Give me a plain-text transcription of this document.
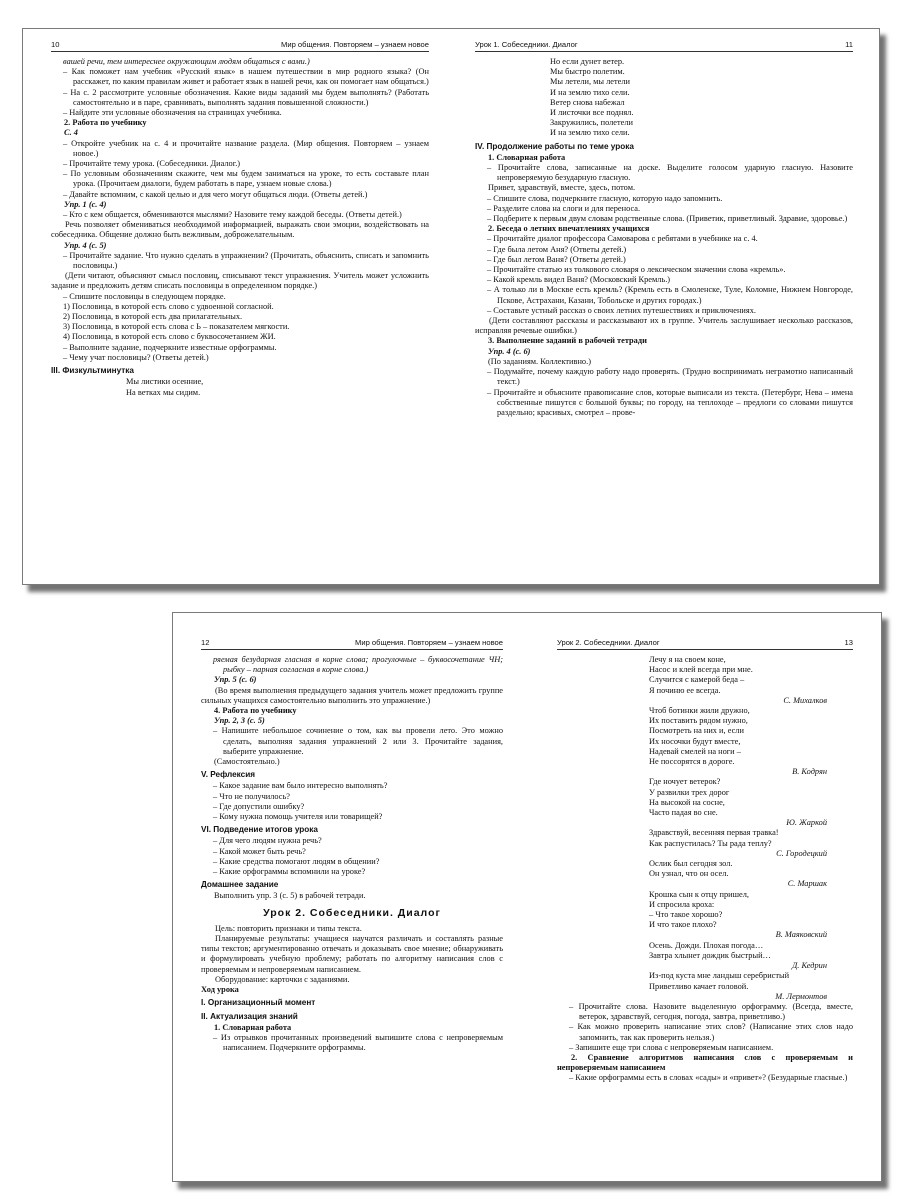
10	Мир общения. Повторяем – узнаем новое

вашей речи, тем интереснее окружающим людям общаться с вами.)

– Как поможет нам учебник «Русский язык» в нашем путешествии в мир родного языка? (Он расскажет, по каким правилам живет и работает язык в нашей речи, как он помогает нам общаться.)

– На с. 2 рассмотрите условные обозначения. Какие виды заданий мы будем выполнять? (Работать самостоятельно и в паре, сравнивать, выполнять задания повышенной сложности.)

– Найдите эти условные обозначения на страницах учебника.

2. Работа по учебнику

С. 4

– Откройте учебник на с. 4 и прочитайте название раздела. (Мир общения. Повторяем – узнаем новое.)

– Прочитайте тему урока. (Собеседники. Диалог.)

– По условным обозначениям скажите, чем мы будем заниматься на уроке, то есть составьте план урока. (Прочитаем диалоги, будем работать в паре, узнаем новые слова.)

– Давайте вспомним, с какой целью и для чего могут общаться люди. (Ответы детей.)

Упр. 1 (с. 4)

– Кто с кем общается, обмениваются мыслями? Назовите тему каждой беседы. (Ответы детей.)

Речь позволяет обмениваться необходимой информацией, выражать свои эмоции, воздействовать на собеседника. Общение должно быть вежливым, доброжелательным.

Упр. 4 (с. 5)

– Прочитайте задание. Что нужно сделать в упражнении? (Прочитать, объяснить, списать и запомнить пословицы.)

(Дети читают, объясняют смысл пословиц, списывают текст упражнения. Учитель может усложнить задание и предложить детям списать пословицы в определенном порядке.)

– Спишите пословицы в следующем порядке.

1) Пословица, в которой есть слово с удвоенной согласной.

2) Пословица, в которой есть два прилагательных.

3) Пословица, в которой есть слова с Ь – показателем мягкости.

4) Пословица, в которой есть слово с буквосочетанием ЖИ.

– Выполните задание, подчеркните известные орфограммы.

– Чему учат пословицы? (Ответы детей.)

III. Физкультминутка

Мы листики осенние,

На ветках мы сидим.

Урок 1. Собеседники. Диалог	11

Но если дунет ветер.

Мы быстро полетим.

Мы летели, мы летели

И на землю тихо сели.

Ветер снова набежал

И листочки все поднял.

Закружились, полетели

И на землю тихо сели.

IV. Продолжение работы по теме урока

1. Словарная работа

– Прочитайте слова, записанные на доске. Выделите голосом ударную гласную. Назовите непроверяемую безударную гласную.

Привет, здравствуй, вместе, здесь, потом.

– Спишите слова, подчеркните гласную, которую надо запомнить.

– Разделите слова на слоги и для переноса.

– Подберите к первым двум словам родственные слова. (Приветик, приветливый. Здравие, здоровье.)

2. Беседа о летних впечатлениях учащихся

– Прочитайте диалог профессора Самоварова с ребятами в учебнике на с. 4.

– Где была летом Аня? (Ответы детей.)

– Где был летом Ваня? (Ответы детей.)

– Прочитайте статью из толкового словаря о лексическом значении слова «кремль».

– Какой кремль видел Ваня? (Московский Кремль.)

– А только ли в Москве есть кремль? (Кремль есть в Смоленске, Туле, Коломне, Нижнем Новгороде, Пскове, Астрахани, Казани, Тобольске и других городах.)

– Составьте устный рассказ о своих летних путешествиях и приключениях.

(Дети составляют рассказы и рассказывают их в группе. Учитель заслушивает несколько рассказов, исправляя речевые ошибки.)

3. Выполнение заданий в рабочей тетради

Упр. 4 (с. 6)

(По заданиям. Коллективно.)

– Подумайте, почему каждую работу надо проверять. (Трудно воспринимать неграмотно написанный текст.)

– Прочитайте и объясните правописание слов, которые выписали из текста. (Петербург, Нева – имена собственные пишутся с большой буквы; по городу, на теплоходе – предлоги со словами пишутся раздельно; красивых, смотрел – прове-

12	Мир общения. Повторяем – узнаем новое

ряемая безударная гласная в корне слова; прогулочные – буквосочетание ЧН; рыбку – парная согласная в корне слова.)

Упр. 5 (с. 6)

(Во время выполнения предыдущего задания учитель может предложить группе сильных учащихся самостоятельно выполнить это упражнение.)

4. Работа по учебнику

Упр. 2, 3 (с. 5)

– Напишите небольшое сочинение о том, как вы провели лето. Это можно сделать, выполняя задания упражнений 2 или 3. Прочитайте задания, выберите упражнение.

(Самостоятельно.)

V. Рефлексия

– Какое задание вам было интересно выполнять?

– Что не получилось?

– Где допустили ошибку?

– Кому нужна помощь учителя или товарищей?

VI. Подведение итогов урока

– Для чего людям нужна речь?

– Какой может быть речь?

– Какие средства помогают людям в общении?

– Какие орфограммы вспомнили на уроке?

Домашнее задание

Выполнить упр. 3 (с. 5) в рабочей тетради.

Урок 2. Собеседники. Диалог

Цель: повторить признаки и типы текста.

Планируемые результаты: учащиеся научатся различать и составлять разные типы текстов; аргументированно отвечать и доказывать свое мнение; обнаруживать и формулировать учебную проблему; работать по алгоритму написания слов с проверяемым и непроверяемым написанием.

Оборудование: карточки с заданиями.

Ход урока

I. Организационный момент

II. Актуализация знаний

1. Словарная работа

– Из отрывков прочитанных произведений выпишите слова с непроверяемым написанием. Подчеркните орфограммы.

Урок 2. Собеседники. Диалог	13

Лечу я на своем коне,

Насос и клей всегда при мне.

Случится с камерой беда –

Я починю ее всегда.

С. Михалков

Чтоб ботинки жили дружно,

Их поставить рядом нужно,

Посмотреть на них и, если

Их носочки будут вместе,

Надевай смелей на ноги –

Не поссорятся в дороге.

В. Кодрян

Где ночует ветерок?

У развилки трех дорог

На высокой на сосне,

Часто падая во сне.

Ю. Жаркой

Здравствуй, весенняя первая травка!

Как распустилась? Ты рада теплу?

С. Городецкий

Ослик был сегодня зол.

Он узнал, что он осел.

С. Маршак

Крошка сын к отцу пришел,

И спросила кроха:

– Что такое хорошо?

И что такое плохо?

В. Маяковский

Осень. Дожди. Плохая погода…

Завтра хлынет дождик быстрый…

Д. Кедрин

Из-под куста мне ландыш серебристый

Приветливо качает головой.

М. Лермонтов

– Прочитайте слова. Назовите выделенную орфограмму. (Всегда, вместе, ветерок, здравствуй, сегодня, погода, завтра, приветливо.)

– Как можно проверить написание этих слов? (Написание этих слов надо запомнить, так как проверить нельзя.)

– Запишите еще три слова с непроверяемым написанием.

2. Сравнение алгоритмов написания слов с проверяемым и непроверяемым написанием

– Какие орфограммы есть в словах «сады» и «привет»? (Безударные гласные.)
